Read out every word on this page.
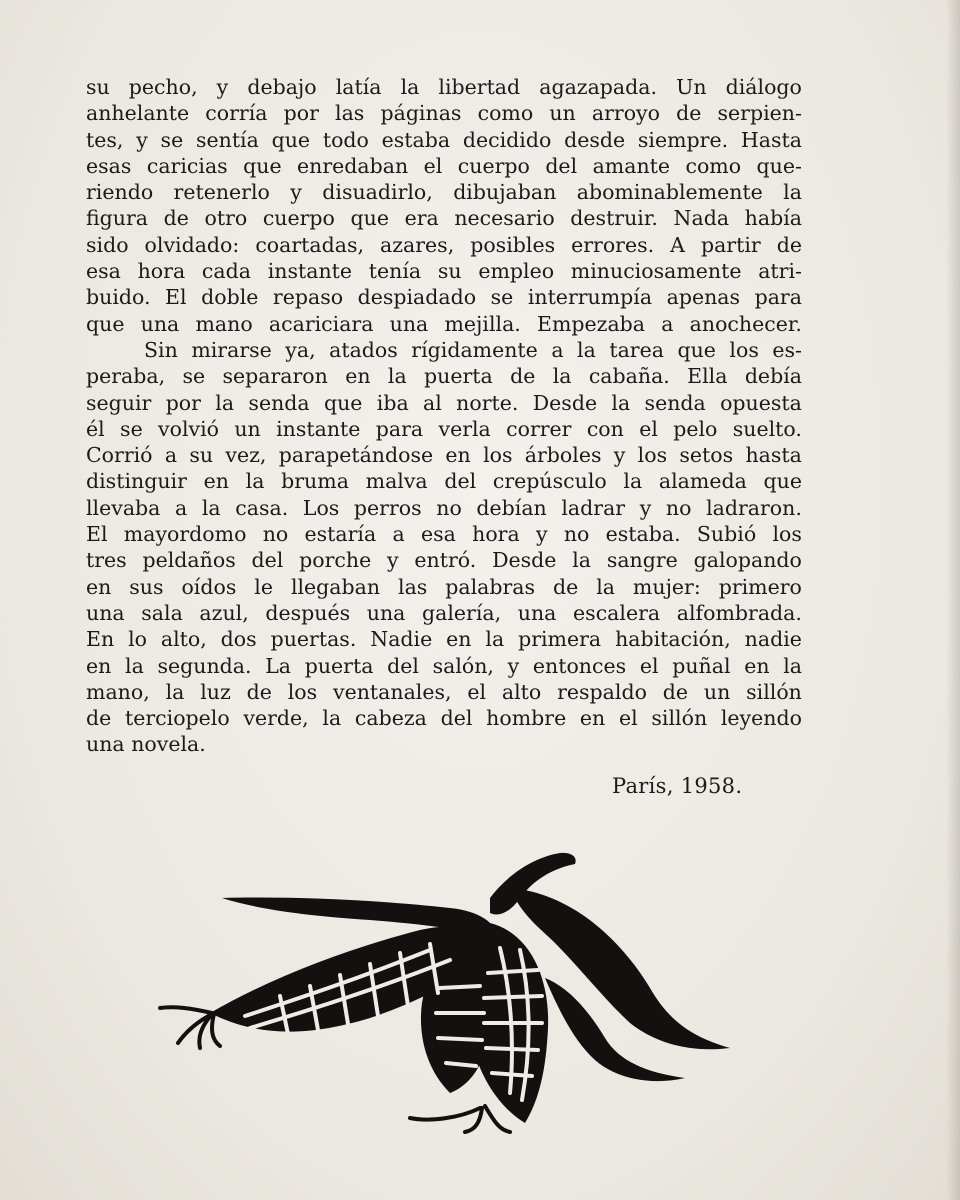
su pecho, y debajo latía la libertad agazapada. Un diálogo
anhelante corría por las páginas como un arroyo de serpien-
tes, y se sentía que todo estaba decidido desde siempre. Hasta
esas caricias que enredaban el cuerpo del amante como que-
riendo retenerlo y disuadirlo, dibujaban abominablemente la
figura de otro cuerpo que era necesario destruir. Nada había
sido olvidado: coartadas, azares, posibles errores. A partir de
esa hora cada instante tenía su empleo minuciosamente atri-
buido. El doble repaso despiadado se interrumpía apenas para
que una mano acariciara una mejilla. Empezaba a anochecer.
Sin mirarse ya, atados rígidamente a la tarea que los es-
peraba, se separaron en la puerta de la cabaña. Ella debía
seguir por la senda que iba al norte. Desde la senda opuesta
él se volvió un instante para verla correr con el pelo suelto.
Corrió a su vez, parapetándose en los árboles y los setos hasta
distinguir en la bruma malva del crepúsculo la alameda que
llevaba a la casa. Los perros no debían ladrar y no ladraron.
El mayordomo no estaría a esa hora y no estaba. Subió los
tres peldaños del porche y entró. Desde la sangre galopando
en sus oídos le llegaban las palabras de la mujer: primero
una sala azul, después una galería, una escalera alfombrada.
En lo alto, dos puertas. Nadie en la primera habitación, nadie
en la segunda. La puerta del salón, y entonces el puñal en la
mano, la luz de los ventanales, el alto respaldo de un sillón
de terciopelo verde, la cabeza del hombre en el sillón leyendo
una novela.
París, 1958.
